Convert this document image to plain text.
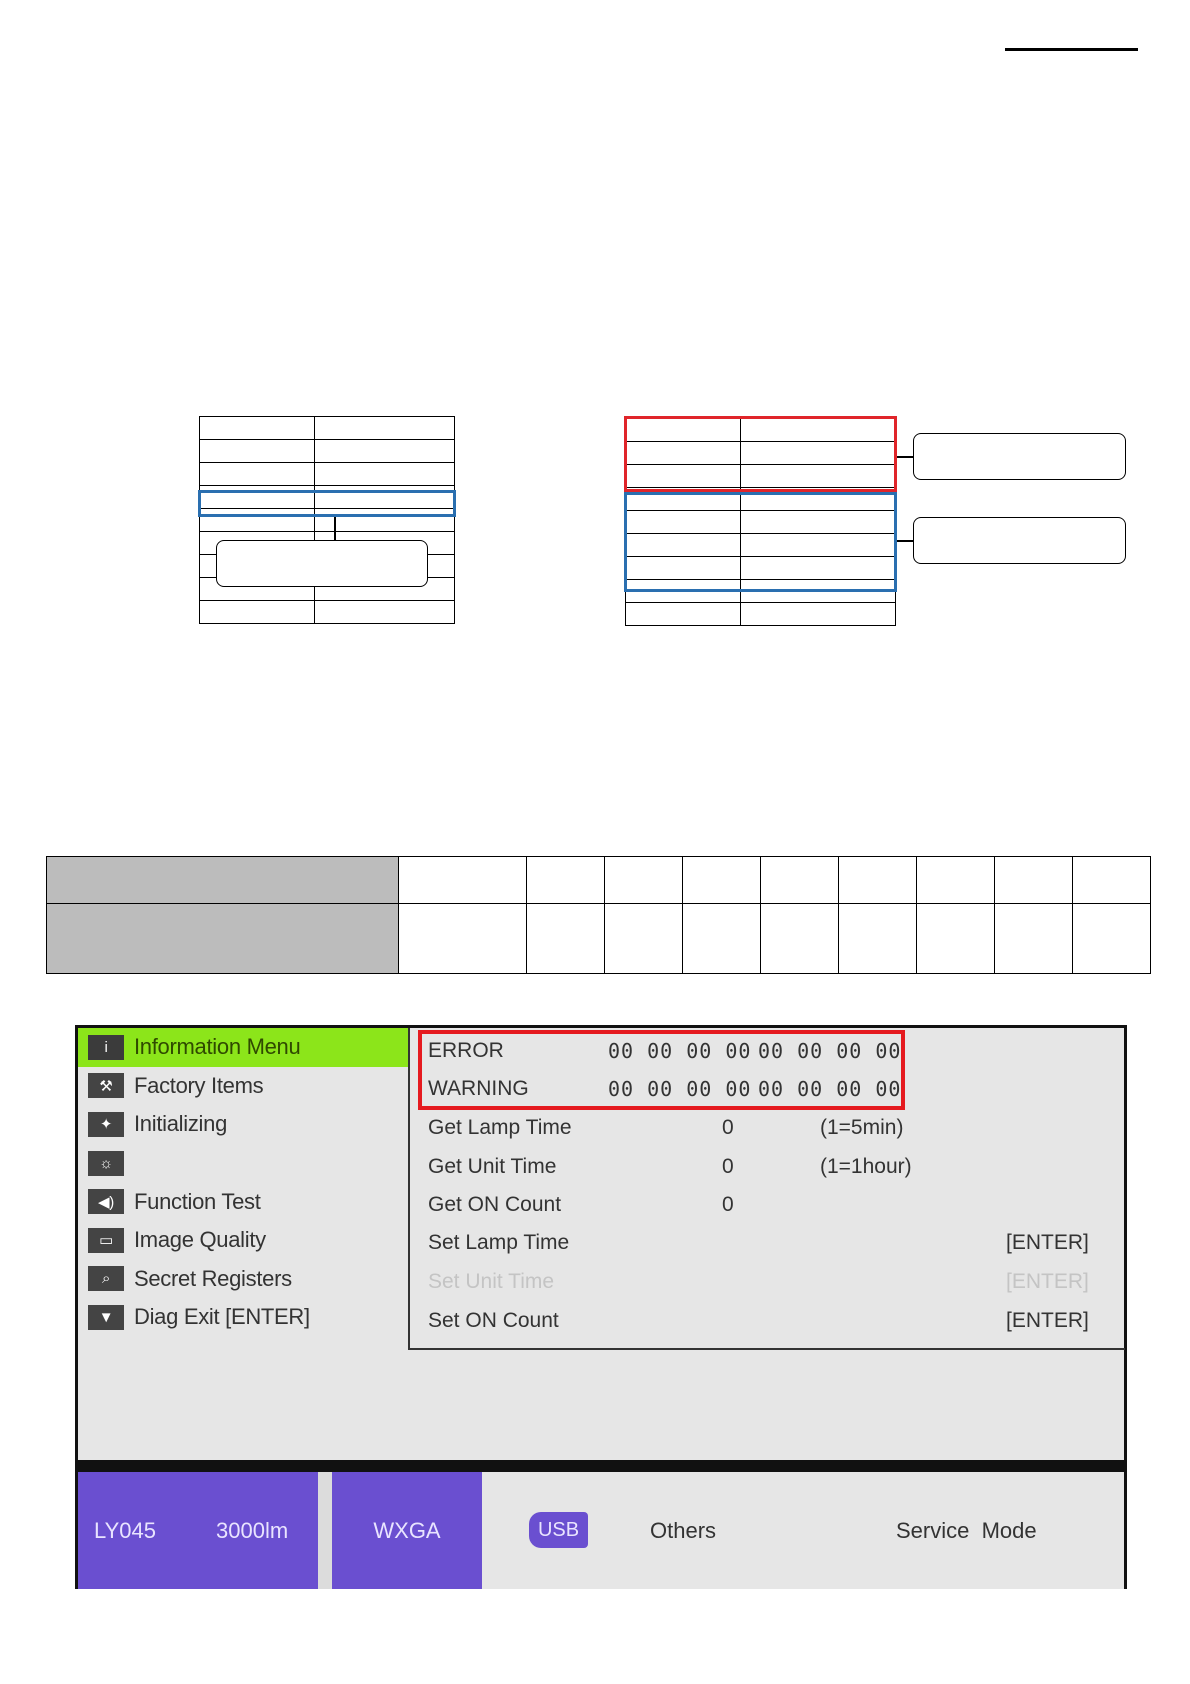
i	Information Menu
⚒ Factory Items
✦ Initializing
☼
◀) Function Test
▭ Image Quality
⌕	Secret Registers
▼ Diag Exit [ENTER]
ERROR	00 00 00 00 00 00 00 00
WARNING	00 00 00 00 00 00 00 00
Get Lamp Time	0	(1=5min)
Get Unit Time	0	(1=1hour)
Get ON Count	0
Set Lamp Time	[ENTER]
Set Unit Time	[ENTER]
Set ON Count	[ENTER]
LY045	3000lm	WXGA	USB	Others	Service  Mode
